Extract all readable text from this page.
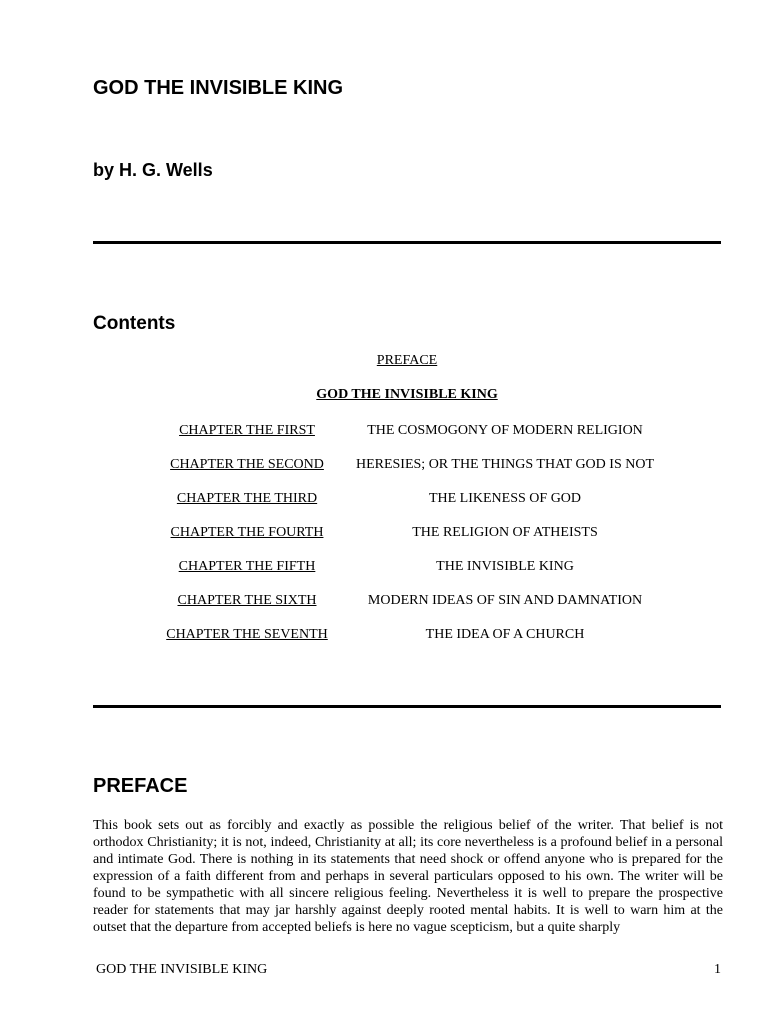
GOD THE INVISIBLE KING
by H. G. Wells
Contents
PREFACE
GOD THE INVISIBLE KING
CHAPTER THE FIRST	THE COSMOGONY OF MODERN RELIGION
CHAPTER THE SECOND	HERESIES; OR THE THINGS THAT GOD IS NOT
CHAPTER THE THIRD	THE LIKENESS OF GOD
CHAPTER THE FOURTH	THE RELIGION OF ATHEISTS
CHAPTER THE FIFTH	THE INVISIBLE KING
CHAPTER THE SIXTH	MODERN IDEAS OF SIN AND DAMNATION
CHAPTER THE SEVENTH	THE IDEA OF A CHURCH
PREFACE
This book sets out as forcibly and exactly as possible the religious belief of the writer. That belief is not orthodox Christianity; it is not, indeed, Christianity at all; its core nevertheless is a profound belief in a personal and intimate God. There is nothing in its statements that need shock or offend anyone who is prepared for the expression of a faith different from and perhaps in several particulars opposed to his own. The writer will be found to be sympathetic with all sincere religious feeling. Nevertheless it is well to prepare the prospective reader for statements that may jar harshly against deeply rooted mental habits. It is well to warn him at the outset that the departure from accepted beliefs is here no vague scepticism, but a quite sharply
GOD THE INVISIBLE KING	1
